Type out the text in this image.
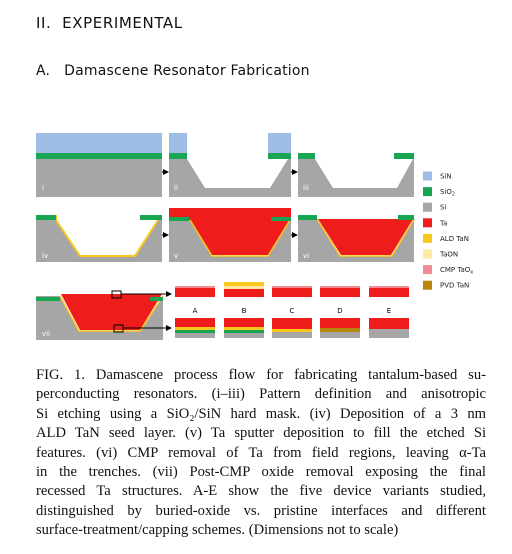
II. EXPERIMENTAL
A. Damascene Resonator Fabrication
i	ii	iii
iv	v	vi
vii
A	B	C	D	E
SiN
SiO$_2$
Si
Ta
ALD TaN
TaON
CMP TaO$_x$
PVD TaN
FIG. 1. Damascene process flow for fabricating tantalum-based su-
perconducting resonators. (i–iii) Pattern definition and anisotropic
Si etching using a SiO₂/SiN hard mask. (iv) Deposition of a 3 nm
ALD TaN seed layer. (v) Ta sputter deposition to fill the etched Si
features. (vi) CMP removal of Ta from field regions, leaving α-Ta
in the trenches. (vii) Post-CMP oxide removal exposing the final
recessed Ta structures. A-E show the five device variants studied,
distinguished by buried-oxide vs. pristine interfaces and different
surface-treatment/capping schemes. (Dimensions not to scale)
